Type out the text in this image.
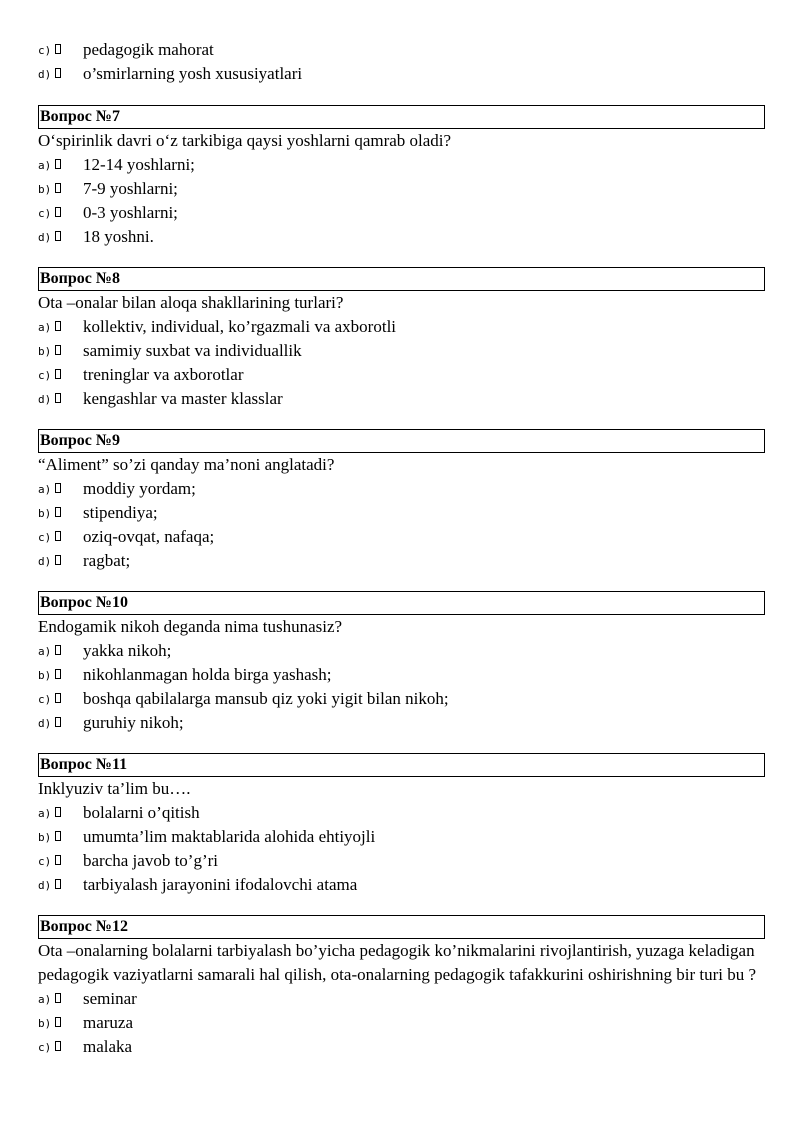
c) pedagogik mahorat
d) o’smirlarning yosh xususiyatlari
Вопрос №7
O‘spirinlik davri o‘z tarkibiga qaysi yoshlarni qamrab oladi?
a) 12-14 yoshlarni;
b) 7-9 yoshlarni;
c) 0-3 yoshlarni;
d) 18 yoshni.
Вопрос №8
Ota –onalar bilan aloqa shakllarining turlari?
a) kollektiv, individual, ko’rgazmali va axborotli
b) samimiy suxbat va individuallik
c) treninglar va axborotlar
d) kengashlar va master klasslar
Вопрос №9
“Aliment” so’zi qanday ma’noni anglatadi?
a) moddiy yordam;
b) stipendiya;
c) oziq-ovqat, nafaqa;
d) ragbat;
Вопрос №10
Endogamik nikoh deganda nima tushunasiz?
a) yakka nikoh;
b) nikohlanmagan holda birga yashash;
c) boshqa qabilalarga mansub qiz yoki yigit bilan nikoh;
d) guruhiy nikoh;
Вопрос №11
Inklyuziv ta’lim bu….
a) bolalarni o’qitish
b) umumta’lim maktablarida alohida ehtiyojli
c) barcha javob to’g’ri
d) tarbiyalash jarayonini ifodalovchi atama
Вопрос №12
Ota –onalarning bolalarni tarbiyalash bo’yicha pedagogik ko’nikmalarini rivojlantirish, yuzaga keladigan pedagogik vaziyatlarni samarali hal qilish, ota-onalarning pedagogik tafakkurini oshirishning bir turi bu ?
a) seminar
b) maruza
c) malaka
